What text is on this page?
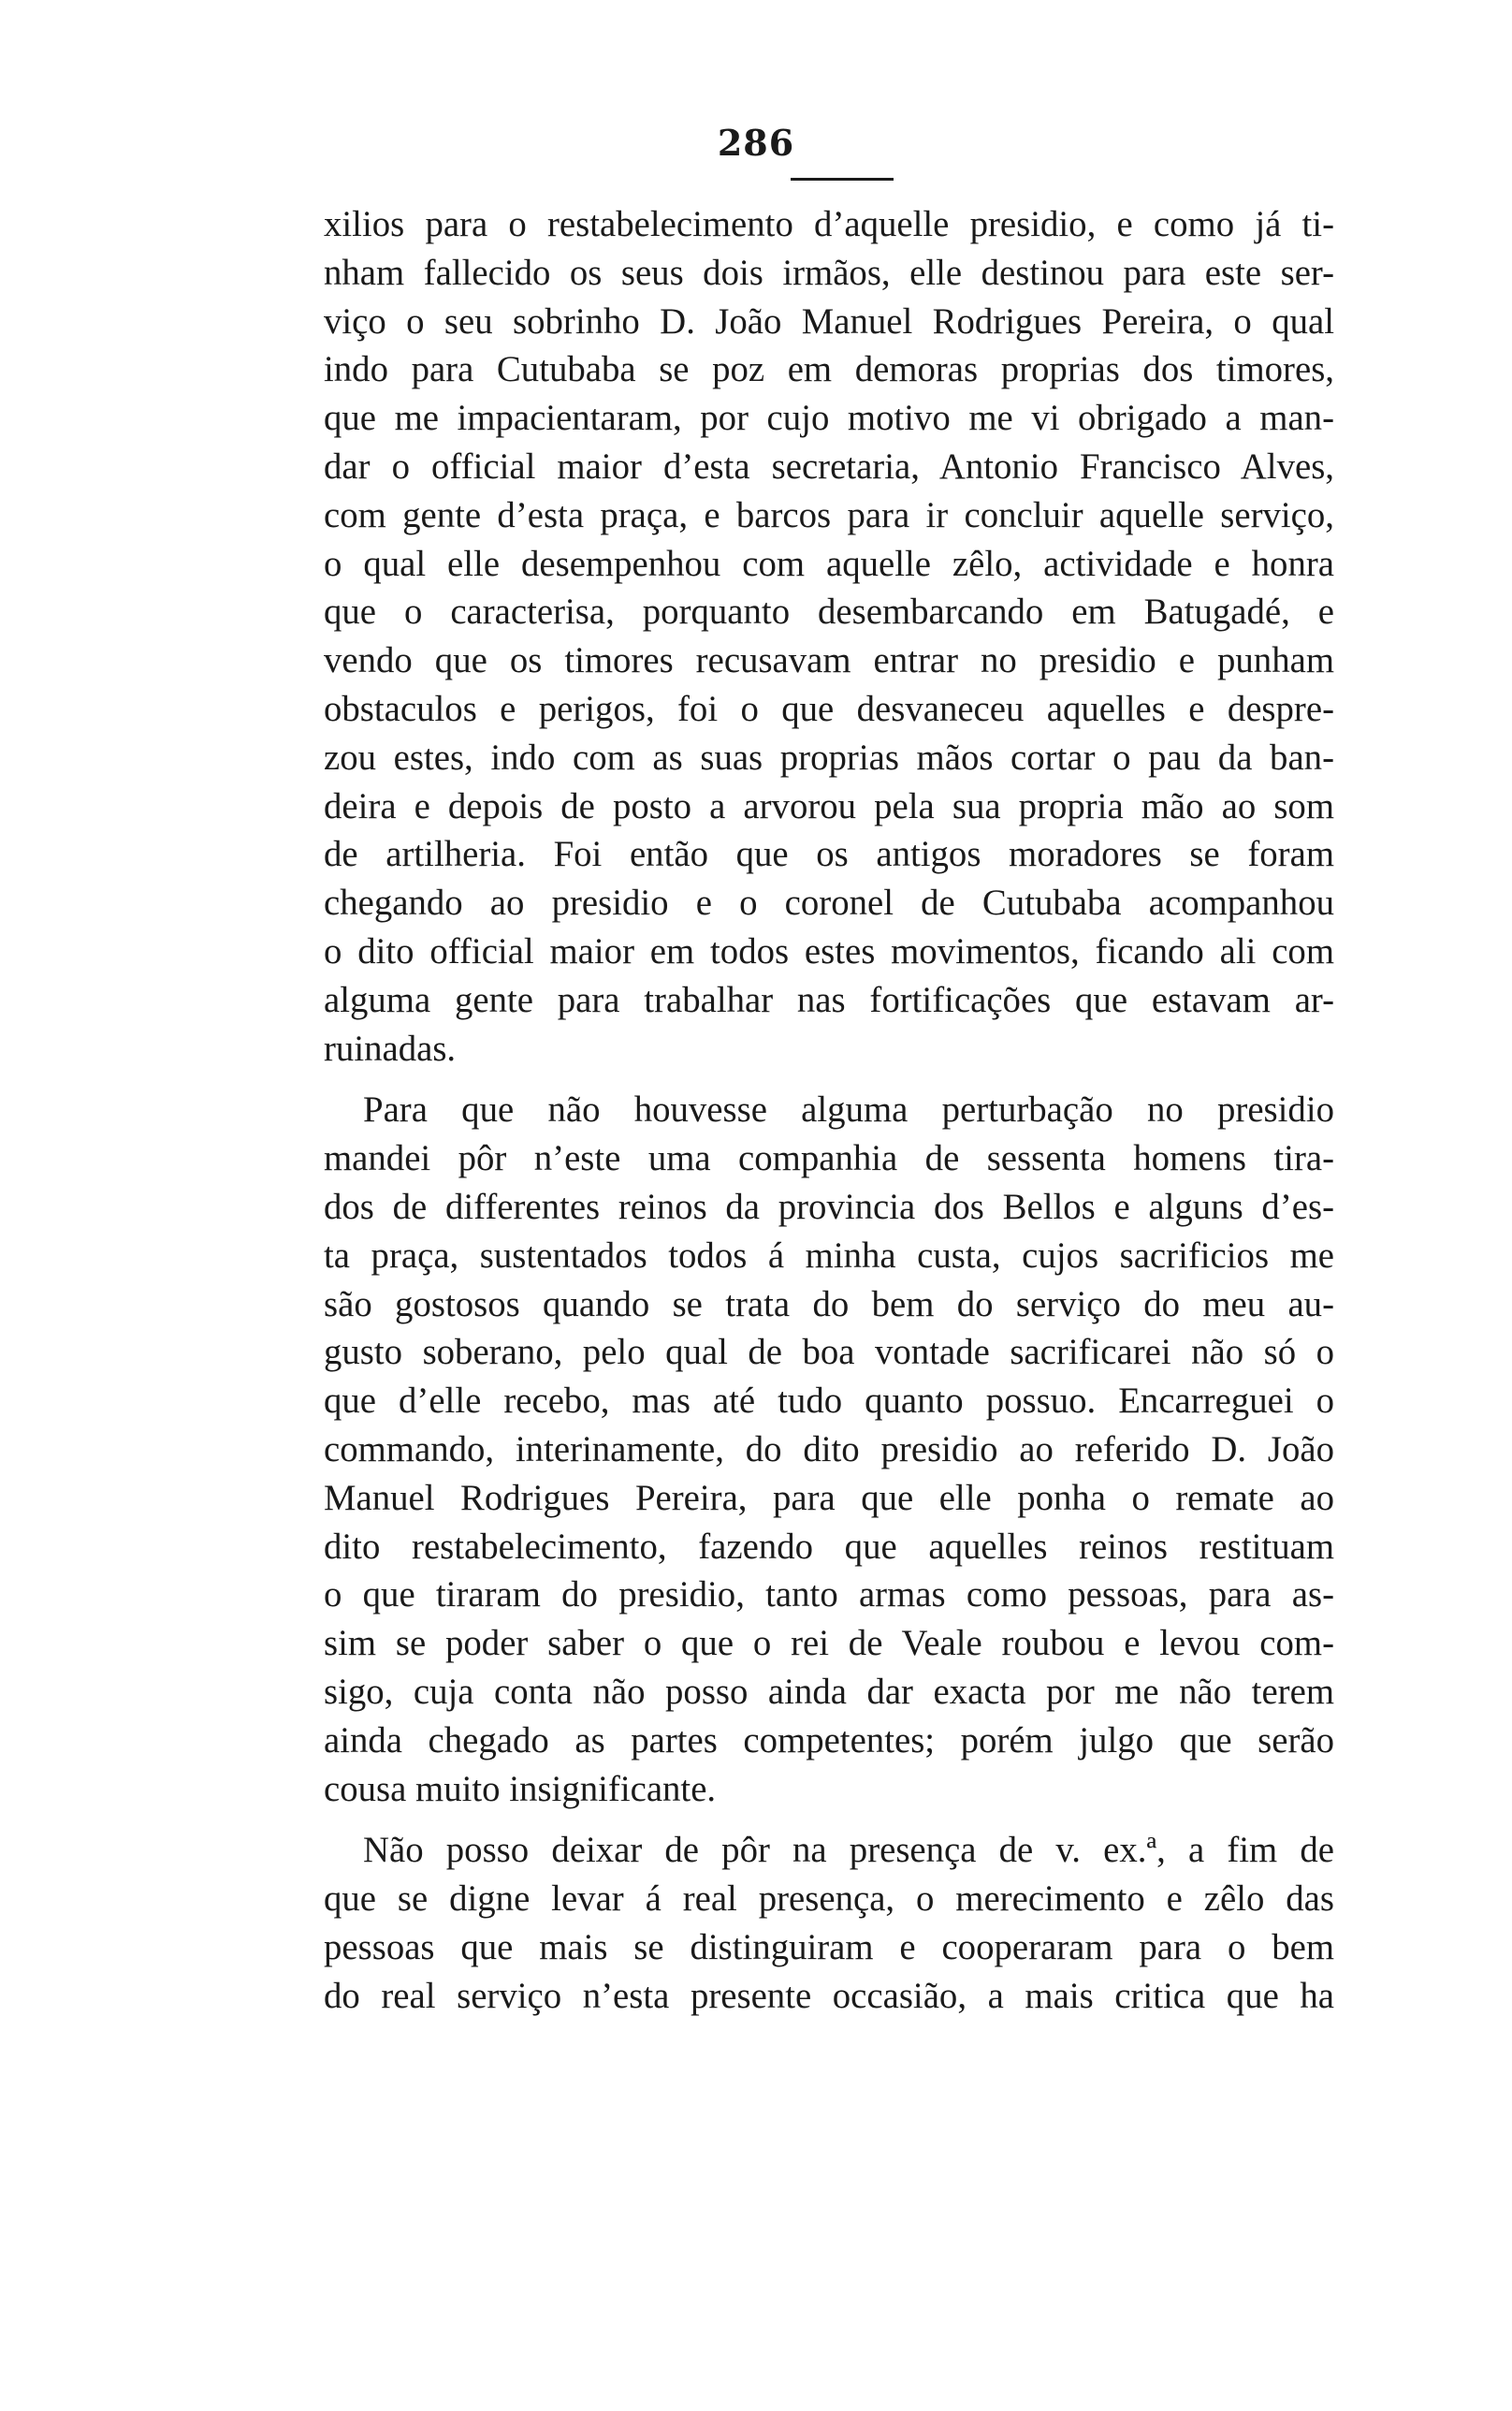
286
xilios para o restabelecimento d’aquelle presidio, e como já ti-
nham fallecido os seus dois irmãos, elle destinou para este ser-
viço o seu sobrinho D. João Manuel Rodrigues Pereira, o qual
indo para Cutubaba se poz em demoras proprias dos timores,
que me impacientaram, por cujo motivo me vi obrigado a man-
dar o official maior d’esta secretaria, Antonio Francisco Alves,
com gente d’esta praça, e barcos para ir concluir aquelle serviço,
o qual elle desempenhou com aquelle zêlo, actividade e honra
que o caracterisa, porquanto desembarcando em Batugadé, e
vendo que os timores recusavam entrar no presidio e punham
obstaculos e perigos, foi o que desvaneceu aquelles e despre-
zou estes, indo com as suas proprias mãos cortar o pau da ban-
deira e depois de posto a arvorou pela sua propria mão ao som
de artilheria. Foi então que os antigos moradores se foram
chegando ao presidio e o coronel de Cutubaba acompanhou
o dito official maior em todos estes movimentos, ficando ali com
alguma gente para trabalhar nas fortificações que estavam ar-
ruinadas.
Para que não houvesse alguma perturbação no presidio
mandei pôr n’este uma companhia de sessenta homens tira-
dos de differentes reinos da provincia dos Bellos e alguns d’es-
ta praça, sustentados todos á minha custa, cujos sacrificios me
são gostosos quando se trata do bem do serviço do meu au-
gusto soberano, pelo qual de boa vontade sacrificarei não só o
que d’elle recebo, mas até tudo quanto possuo. Encarreguei o
commando, interinamente, do dito presidio ao referido D. João
Manuel Rodrigues Pereira, para que elle ponha o remate ao
dito restabelecimento, fazendo que aquelles reinos restituam
o que tiraram do presidio, tanto armas como pessoas, para as-
sim se poder saber o que o rei de Veale roubou e levou com-
sigo, cuja conta não posso ainda dar exacta por me não terem
ainda chegado as partes competentes; porém julgo que serão
cousa muito insignificante.
Não posso deixar de pôr na presença de v. ex.ª, a fim de
que se digne levar á real presença, o merecimento e zêlo das
pessoas que mais se distinguiram e cooperaram para o bem
do real serviço n’esta presente occasião, a mais critica que ha
